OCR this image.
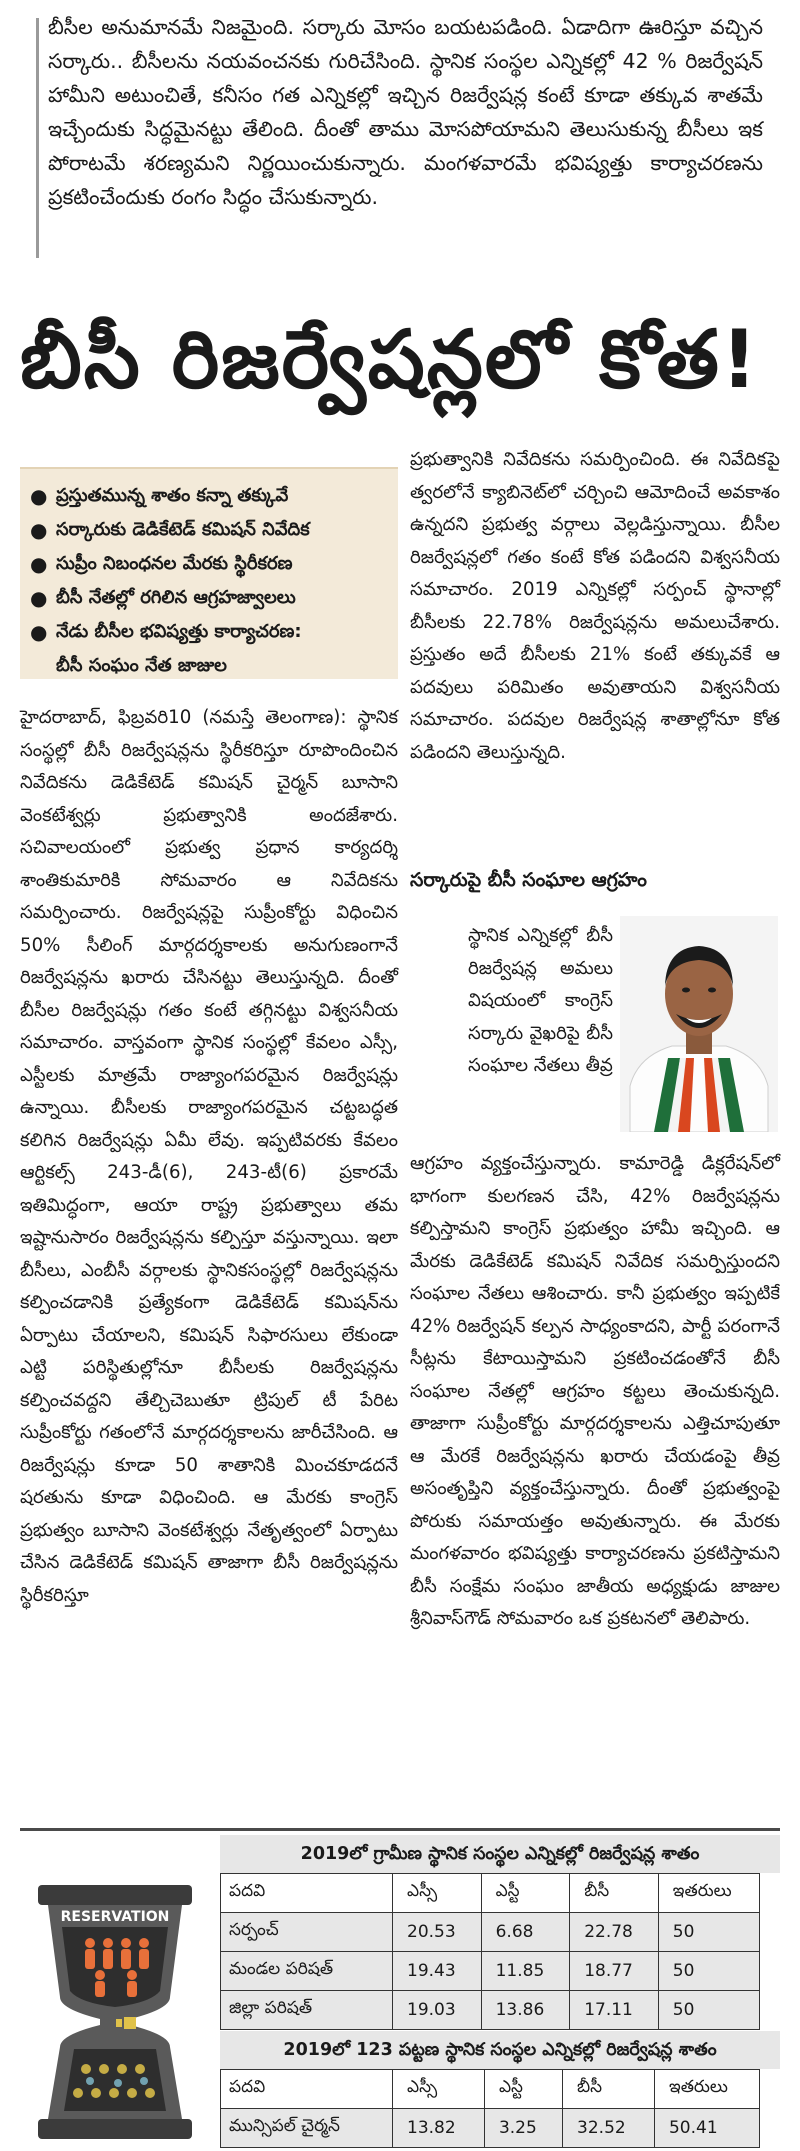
బీసీల అనుమానమే నిజమైంది. సర్కారు మోసం బయటపడింది. ఏడాదిగా ఊరిస్తూ వచ్చిన సర్కారు.. బీసీలను నయవంచనకు గురిచేసింది. స్థానిక సంస్థల ఎన్నికల్లో 42 % రిజర్వేషన్ హామీని అటుంచితే, కనీసం గత ఎన్నికల్లో ఇచ్చిన రిజర్వేషన్ల కంటే కూడా తక్కువ శాతమే ఇచ్చేందుకు సిద్ధమైనట్టు తేలింది. దీంతో తాము మోసపోయామని తెలుసుకున్న బీసీలు ఇక పోరాటమే శరణ్యమని నిర్ణయించుకున్నారు. మంగళవారమే భవిష్యత్తు కార్యాచరణను ప్రకటించేందుకు రంగం సిద్ధం చేసుకున్నారు.
బీసీ రిజర్వేషన్లలో కోత!
● ప్రస్తుతమున్న శాతం కన్నా తక్కువే
● సర్కారుకు డెడికేటెడ్ కమిషన్ నివేదిక
● సుప్రీం నిబంధనల మేరకు స్థిరీకరణ
● బీసీ నేతల్లో రగిలిన ఆగ్రహజ్వాలలు
● నేడు బీసీల భవిష్యత్తు కార్యాచరణ:
బీసీ సంఘం నేత జాజుల

హైదరాబాద్, ఫిబ్రవరి10 (నమస్తే తెలంగాణ): స్థానిక సంస్థల్లో బీసీ రిజర్వేషన్లను స్థిరీకరిస్తూ రూపొందించిన నివేదికను డెడికేటెడ్ కమిషన్ చైర్మన్ బూసాని వెంకటేశ్వర్లు ప్రభుత్వానికి అందజేశారు. సచివాలయంలో ప్రభుత్వ ప్రధాన కార్యదర్శి శాంతికుమారికి సోమవారం ఆ నివేదికను సమర్పించారు. రిజర్వేషన్లపై సుప్రీంకోర్టు విధించిన 50% సీలింగ్ మార్గదర్శకాలకు అనుగుణంగానే రిజర్వేషన్లను ఖరారు చేసినట్టు తెలుస్తున్నది. దీంతో బీసీల రిజర్వేషన్లు గతం కంటే తగ్గినట్టు విశ్వసనీయ సమాచారం. వాస్తవంగా స్థానిక సంస్థల్లో కేవలం ఎస్సీ, ఎస్టీలకు మాత్రమే రాజ్యాంగపరమైన రిజర్వేషన్లు ఉన్నాయి. బీసీలకు రాజ్యాంగపరమైన చట్టబద్ధత కలిగిన రిజర్వేషన్లు ఏమీ లేవు. ఇప్పటివరకు కేవలం ఆర్టికల్స్ 243-డీ(6), 243-టీ(6) ప్రకారమే ఇతిమిద్ధంగా, ఆయా రాష్ట్ర ప్రభుత్వాలు తమ ఇష్టానుసారం రిజర్వేషన్లను కల్పిస్తూ వస్తున్నాయి. ఇలా బీసీలు, ఎంబీసీ వర్గాలకు స్థానికసంస్థల్లో రిజర్వేషన్లను కల్పించడానికి ప్రత్యేకంగా డెడికేటెడ్ కమిషన్‌ను ఏర్పాటు చేయాలని, కమిషన్ సిఫారసులు లేకుండా ఎట్టి పరిస్థితుల్లోనూ బీసీలకు రిజర్వేషన్లను కల్పించవద్దని తేల్చిచెబుతూ ట్రిపుల్ టీ పేరిట సుప్రీంకోర్టు గతంలోనే మార్గదర్శకాలను జారీచేసింది. ఆ రిజర్వేషన్లు కూడా 50 శాతానికి మించకూడదనే షరతును కూడా విధించింది. ఆ మేరకు కాంగ్రెస్ ప్రభుత్వం బూసాని వెంకటేశ్వర్లు నేతృత్వంలో ఏర్పాటు చేసిన డెడికేటెడ్ కమిషన్ తాజాగా బీసీ రిజర్వేషన్లను స్థిరీకరిస్తూ

ప్రభుత్వానికి నివేదికను సమర్పించింది. ఈ నివేదికపై త్వరలోనే క్యాబినెట్‌లో చర్చించి ఆమోదించే అవకాశం ఉన్నదని ప్రభుత్వ వర్గాలు వెల్లడిస్తున్నాయి. బీసీల రిజర్వేషన్లలో గతం కంటే కోత పడిందని విశ్వసనీయ సమాచారం. 2019 ఎన్నికల్లో సర్పంచ్ స్థానాల్లో బీసీలకు 22.78% రిజర్వేషన్లను అమలుచేశారు. ప్రస్తుతం అదే బీసీలకు 21% కంటే తక్కువకే ఆ పదవులు పరిమితం అవుతాయని విశ్వసనీయ సమాచారం. పదవుల రిజర్వేషన్ల శాతాల్లోనూ కోత పడిందని తెలుస్తున్నది.

సర్కారుపై బీసీ సంఘాల ఆగ్రహం

స్థానిక ఎన్నికల్లో బీసీ రిజర్వేషన్ల అమలు విషయంలో కాంగ్రెస్ సర్కారు వైఖరిపై బీసీ సంఘాల నేతలు తీవ్ర

ఆగ్రహం వ్యక్తంచేస్తున్నారు. కామారెడ్డి డిక్లరేషన్‌లో భాగంగా కులగణన చేసి, 42% రిజర్వేషన్లను కల్పిస్తామని కాంగ్రెస్ ప్రభుత్వం హామీ ఇచ్చింది. ఆ మేరకు డెడికేటెడ్ కమిషన్ నివేదిక సమర్పిస్తుందని సంఘాల నేతలు ఆశించారు. కానీ ప్రభుత్వం ఇప్పటికే 42% రిజర్వేషన్ కల్పన సాధ్యంకాదని, పార్టీ పరంగానే సీట్లను కేటాయిస్తామని ప్రకటించడంతోనే బీసీ సంఘాల నేతల్లో ఆగ్రహం కట్టలు తెంచుకున్నది. తాజాగా సుప్రీంకోర్టు మార్గదర్శకాలను ఎత్తిచూపుతూ ఆ మేరకే రిజర్వేషన్లను ఖరారు చేయడంపై తీవ్ర అసంతృప్తిని వ్యక్తంచేస్తున్నారు. దీంతో ప్రభుత్వంపై పోరుకు సమాయత్తం అవుతున్నారు. ఈ మేరకు మంగళవారం భవిష్యత్తు కార్యాచరణను ప్రకటిస్తామని బీసీ సంక్షేమ సంఘం జాతీయ అధ్యక్షుడు జాజుల శ్రీనివాస్‌గౌడ్ సోమవారం ఒక ప్రకటనలో తెలిపారు.

RESERVATION
2019లో గ్రామీణ స్థానిక సంస్థల ఎన్నికల్లో రిజర్వేషన్ల శాతం
పదవి	ఎస్సీ	ఎస్టీ	బీసీ	ఇతరులు
సర్పంచ్	20.53	6.68	22.78	50
మండల పరిషత్	19.43	11.85	18.77	50
జిల్లా పరిషత్	19.03	13.86	17.11	50
2019లో 123 పట్టణ స్థానిక సంస్థల ఎన్నికల్లో రిజర్వేషన్ల శాతం
పదవి	ఎస్సీ	ఎస్టీ	బీసీ	ఇతరులు
మున్సిపల్ చైర్మన్	13.82	3.25	32.52	50.41
